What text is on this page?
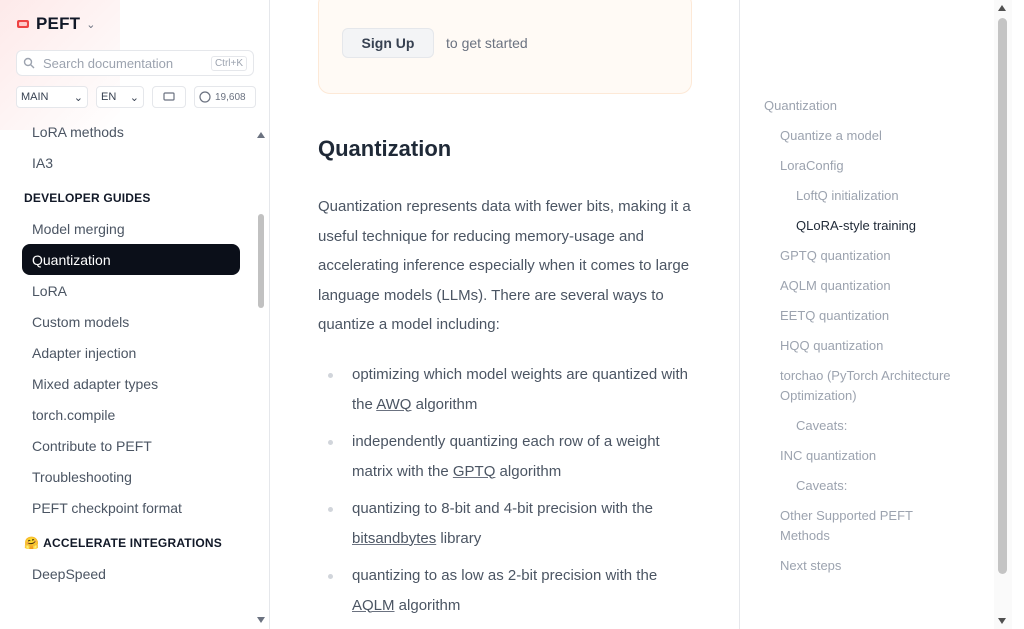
PEFT ⌄
Search documentation	Ctrl+K
MAIN ⌄ EN ⌄	19,608
LoRA methods
IA3
DEVELOPER GUIDES
Model merging
Quantization
LoRA
Custom models
Adapter injection
Mixed adapter types
torch.compile
Contribute to PEFT
Troubleshooting
PEFT checkpoint format
🤗 ACCELERATE INTEGRATIONS
DeepSpeed
Sign Up	to get started
Quantization

Quantization represents data with fewer bits, making it a useful technique for reducing memory-usage and accelerating inference especially when it comes to large language models (LLMs). There are several ways to quantize a model including:

optimizing which model weights are quantized with the AWQ algorithm
independently quantizing each row of a weight matrix with the GPTQ algorithm
quantizing to 8-bit and 4-bit precision with the bitsandbytes library
quantizing to as low as 2-bit precision with the AQLM algorithm
Quantization
Quantize a model
LoraConfig
LoftQ initialization
QLoRA-style training
GPTQ quantization
AQLM quantization
EETQ quantization
HQQ quantization
torchao (PyTorch Architecture Optimization)
Caveats:
INC quantization
Caveats:
Other Supported PEFT Methods
Next steps
